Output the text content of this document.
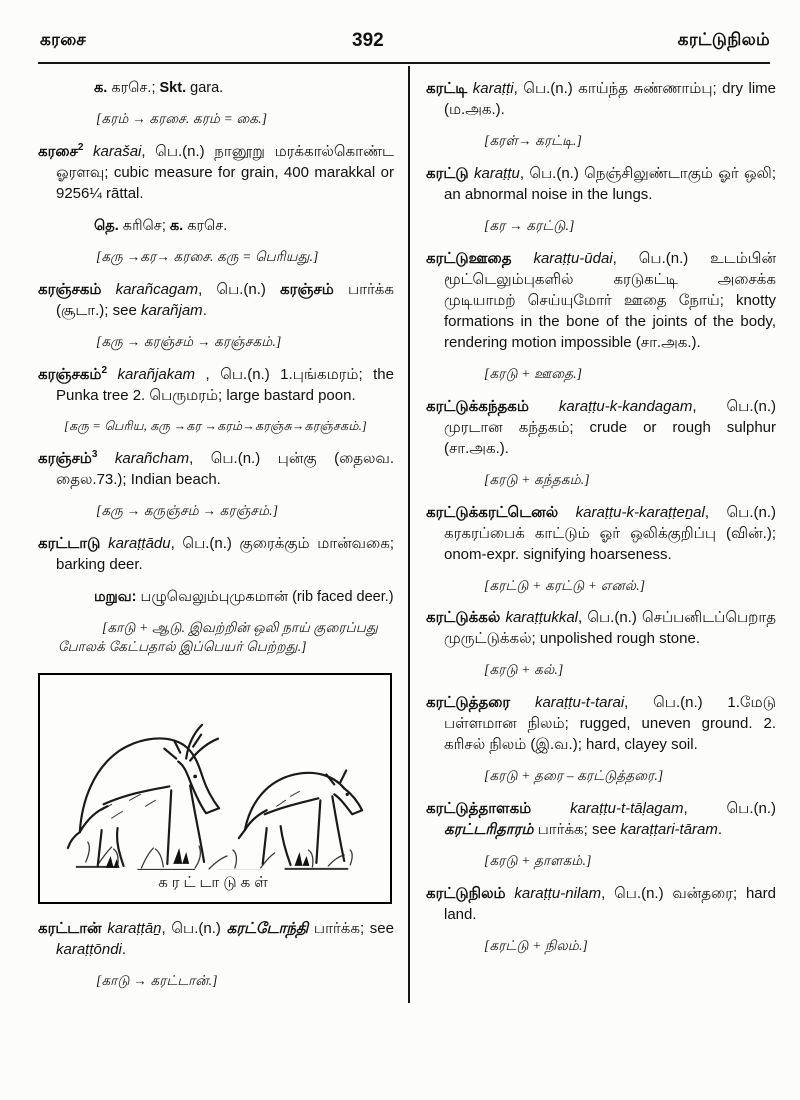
கரசை	392	கரட்டுநிலம்

க. கரசெ.; Skt. gara.

[கரம் → கரசை. கரம் = கை.]

கரசை$^2$ karašai, பெ.(n.) நானூறு மரக்கால்கொண்ட ஓரளவு; cubic measure for grain, 400 marakkal or 9256¼ rāttal.

தெ. கரிசெ; க. கரசெ.

[கரு →கர→ கரசை. கரு = பெரியது.]

கரஞ்சகம் karañcagam, பெ.(n.) கரஞ்சம் பார்க்க (சூடா.); see karañjam.

[கரு → கரஞ்சம் → கரஞ்சகம்.]

கரஞ்சகம்$^2$ karañjakam , பெ.(n.) 1.புங்கமரம்; the Punka tree 2. பெருமரம்; large bastard poon.

[கரு = பெரிய, கரு →கர →கரம்→கரஞ்சு→கரஞ்சகம்.]

கரஞ்சம்$^3$ karañcham, பெ.(n.) புன்கு (தைலவ. தைல.73.); Indian beach.

[கரு → கருஞ்சம் → கரஞ்சம்.]

கரட்டாடு karaṭṭādu, பெ.(n.) குரைக்கும் மான்வகை; barking deer.

மறுவ: பழுவெலும்புமுகமான் (rib faced deer.)

[காடு + ஆடு. இவற்றின் ஒலி நாய் குரைப்பது போலக் கேட்பதால் இப்பெயர் பெற்றது.]

கரட்டாடுகள்

கரட்டான் karaṭṭāṉ, பெ.(n.) கரட்டோந்தி பார்க்க; see karaṭṭōndi.

[காடு → கரட்டான்.]

கரட்டி karaṭṭi, பெ.(n.) காய்ந்த சுண்ணாம்பு; dry lime (ம.அக.).

[கரள்→ கரட்டி.]

கரட்டு karaṭṭu, பெ.(n.) நெஞ்சிலுண்டாகும் ஓர் ஒலி; an abnormal noise in the lungs.

[கர → கரட்டு.]

கரட்டுஊதை karaṭṭu-ūdai, பெ.(n.) உடம்பின் மூட்டெலும்புகளில் கரடுகட்டி அசைக்க முடியாமற் செய்யுமோர் ஊதை நோய்; knotty formations in the bone of the joints of the body, rendering motion impossible (சா.அக.).

[கரடு + ஊதை.]

கரட்டுக்கந்தகம் karaṭṭu-k-kandagam, பெ.(n.) முரடான கந்தகம்; crude or rough sulphur (சா.அக.).

[கரடு + கந்தகம்.]

கரட்டுக்கரட்டெனல் karaṭṭu-k-karaṭṭeṉal, பெ.(n.) கரகரப்பைக் காட்டும் ஓர் ஒலிக்குறிப்பு (வின்.); onom-expr. signifying hoarseness.

[கரட்டு + கரட்டு + எனல்.]

கரட்டுக்கல் karaṭṭukkal, பெ.(n.) செப்பனிடப்பெறாத முருட்டுக்கல்; unpolished rough stone.

[கரடு + கல்.]

கரட்டுத்தரை karaṭṭu-t-tarai, பெ.(n.) 1.மேடு பள்ளமான நிலம்; rugged, uneven ground. 2. கரிசல் நிலம் (இ.வ.); hard, clayey soil.

[கரடு + தரை – கரட்டுத்தரை.]

கரட்டுத்தாளகம்	karaṭṭu-t-tāḷagam, பெ.(n.) கரட்டரிதாரம் பார்க்க; see karaṭṭari-tāram.

[கரடு + தாளகம்.]

கரட்டுநிலம் karaṭṭu-nilam, பெ.(n.) வன்தரை; hard land.

[கரட்டு + நிலம்.]
